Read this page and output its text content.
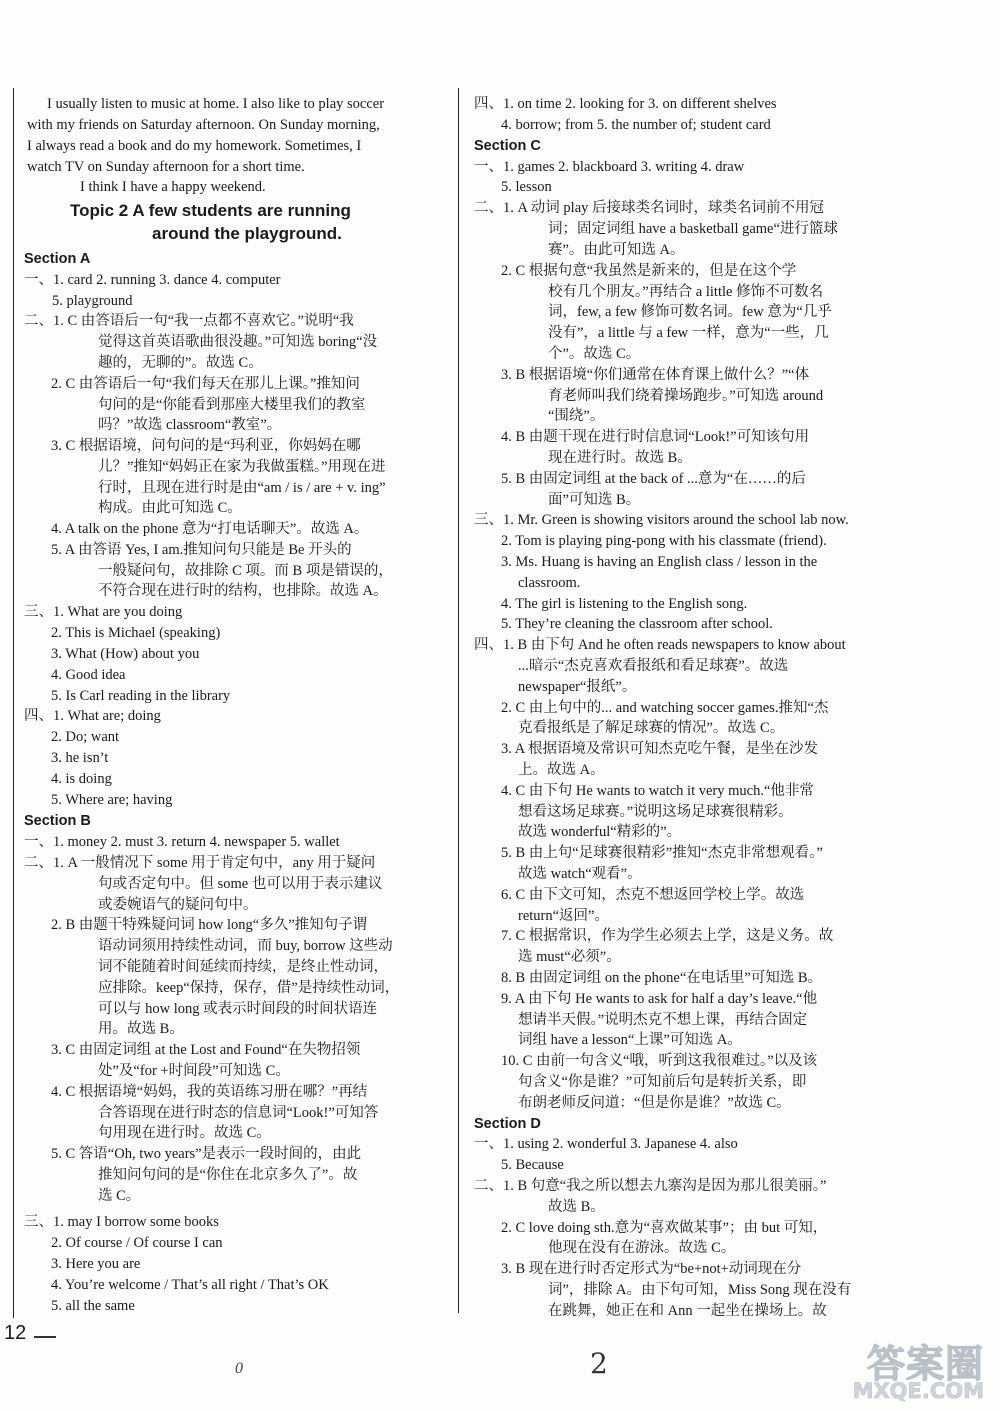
12
0	2	答案圈
MXQE.COM
I usually listen to music at home. I also like to play soccer
with my friends on Saturday afternoon. On Sunday morning,
I always read a book and do my homework. Sometimes, I
watch TV on Sunday afternoon for a short time.
I think I have a happy weekend.
Topic 2 A few students are running
around the playground.
Section A
一、1. card 2. running 3. dance 4. computer
5. playground
二、1. C 由答语后一句“我一点都不喜欢它。”说明“我
觉得这首英语歌曲很没趣。”可知选 boring“没
趣的，无聊的”。故选 C。
2. C 由答语后一句“我们每天在那儿上课。”推知问
句问的是“你能看到那座大楼里我们的教室
吗？”故选 classroom“教室”。
3. C 根据语境，问句问的是“玛利亚，你妈妈在哪
儿？”推知“妈妈正在家为我做蛋糕。”用现在进
行时，且现在进行时是由“am / is / are + v. ing”
构成。由此可知选 C。
4. A talk on the phone 意为“打电话聊天”。故选 A。
5. A 由答语 Yes, I am.推知问句只能是 Be 开头的
一般疑问句，故排除 C 项。而 B 项是错误的，
不符合现在进行时的结构，也排除。故选 A。
三、1. What are you doing
2. This is Michael (speaking)
3. What (How) about you
4. Good idea
5. Is Carl reading in the library
四、1. What are; doing
2. Do; want
3. he isn’t
4. is doing
5. Where are; having
Section B
一、1. money 2. must 3. return 4. newspaper 5. wallet
二、1. A 一般情况下 some 用于肯定句中，any 用于疑问
句或否定句中。但 some 也可以用于表示建议
或委婉语气的疑问句中。
2. B 由题干特殊疑问词 how long“多久”推知句子谓
语动词须用持续性动词，而 buy, borrow 这些动
词不能随着时间延续而持续，是终止性动词，
应排除。keep“保持，保存，借”是持续性动词，
可以与 how long 或表示时间段的时间状语连
用。故选 B。
3. C 由固定词组 at the Lost and Found“在失物招领
处”及“for +时间段”可知选 C。
4. C 根据语境“妈妈，我的英语练习册在哪？”再结
合答语现在进行时态的信息词“Look!”可知答
句用现在进行时。故选 C。
5. C 答语“Oh, two years”是表示一段时间的，由此
推知问句问的是“你住在北京多久了”。故
选 C。
三、1. may I borrow some books
2. Of course / Of course I can
3. Here you are
4. You’re welcome / That’s all right / That’s OK
5. all the same
四、1. on time 2. looking for 3. on different shelves
4. borrow; from 5. the number of; student card
Section C
一、1. games 2. blackboard 3. writing 4. draw
5. lesson
二、1. A 动词 play 后接球类名词时，球类名词前不用冠
词；固定词组 have a basketball game“进行篮球
赛”。由此可知选 A。
2. C 根据句意“我虽然是新来的，但是在这个学
校有几个朋友。”再结合 a little 修饰不可数名
词，few, a few 修饰可数名词。few 意为“几乎
没有”，a little 与 a few 一样，意为“一些，几
个”。故选 C。
3. B 根据语境“你们通常在体育课上做什么？”“体
育老师叫我们绕着操场跑步。”可知选 around
“围绕”。
4. B 由题干现在进行时信息词“Look!”可知该句用
现在进行时。故选 B。
5. B 由固定词组 at the back of ...意为“在……的后
面”可知选 B。
三、1. Mr. Green is showing visitors around the school lab now.
2. Tom is playing ping-pong with his classmate (friend).
3. Ms. Huang is having an English class / lesson in the
classroom.
4. The girl is listening to the English song.
5. They’re cleaning the classroom after school.
四、1. B 由下句 And he often reads newspapers to know about
...暗示“杰克喜欢看报纸和看足球赛”。故选
newspaper“报纸”。
2. C 由上句中的... and watching soccer games.推知“杰
克看报纸是了解足球赛的情况”。故选 C。
3. A 根据语境及常识可知杰克吃午餐，是坐在沙发
上。故选 A。
4. C 由下句 He wants to watch it very much.“他非常
想看这场足球赛。”说明这场足球赛很精彩。
故选 wonderful“精彩的”。
5. B 由上句“足球赛很精彩”推知“杰克非常想观看。”
故选 watch“观看”。
6. C 由下文可知，杰克不想返回学校上学。故选
return“返回”。
7. C 根据常识，作为学生必须去上学，这是义务。故
选 must“必须”。
8. B 由固定词组 on the phone“在电话里”可知选 B。
9. A 由下句 He wants to ask for half a day’s leave.“他
想请半天假。”说明杰克不想上课，再结合固定
词组 have a lesson“上课”可知选 A。
10. C 由前一句含义“哦，听到这我很难过。”以及该
句含义“你是谁？”可知前后句是转折关系，即
布朗老师反问道：“但是你是谁？”故选 C。
Section D
一、1. using 2. wonderful 3. Japanese 4. also
5. Because
二、1. B 句意“我之所以想去九寨沟是因为那儿很美丽。”
故选 B。
2. C love doing sth.意为“喜欢做某事”；由 but 可知，
他现在没有在游泳。故选 C。
3. B 现在进行时否定形式为“be+not+动词现在分
词”，排除 A。由下句可知，Miss Song 现在没有
在跳舞，她正在和 Ann 一起坐在操场上。故
